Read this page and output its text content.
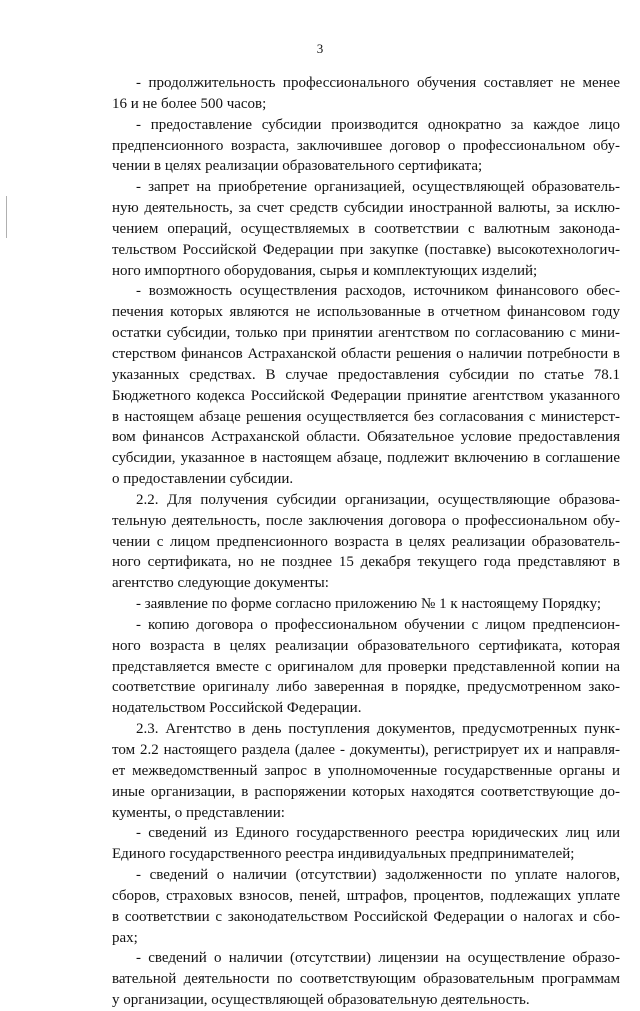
3
- продолжительность профессионального обучения составляет не менее
16 и не более 500 часов;
- предоставление субсидии производится однократно за каждое лицо
предпенсионного возраста, заключившее договор о профессиональном обу-
чении в целях реализации образовательного сертификата;
- запрет на приобретение организацией, осуществляющей образователь-
ную деятельность, за счет средств субсидии иностранной валюты, за исклю-
чением операций, осуществляемых в соответствии с валютным законода-
тельством Российской Федерации при закупке (поставке) высокотехнологич-
ного импортного оборудования, сырья и комплектующих изделий;
- возможность осуществления расходов, источником финансового обес-
печения которых являются не использованные в отчетном финансовом году
остатки субсидии, только при принятии агентством по согласованию с мини-
стерством финансов Астраханской области решения о наличии потребности в
указанных средствах. В случае предоставления субсидии по статье 78.1
Бюджетного кодекса Российской Федерации принятие агентством указанного
в настоящем абзаце решения осуществляется без согласования с министерст-
вом финансов Астраханской области. Обязательное условие предоставления
субсидии, указанное в настоящем абзаце, подлежит включению в соглашение
о предоставлении субсидии.
2.2. Для получения субсидии организации, осуществляющие образова-
тельную деятельность, после заключения договора о профессиональном обу-
чении с лицом предпенсионного возраста в целях реализации образователь-
ного сертификата, но не позднее 15 декабря текущего года представляют в
агентство следующие документы:
- заявление по форме согласно приложению № 1 к настоящему Порядку;
- копию договора о профессиональном обучении с лицом предпенсион-
ного возраста в целях реализации образовательного сертификата, которая
представляется вместе с оригиналом для проверки представленной копии на
соответствие оригиналу либо заверенная в порядке, предусмотренном зако-
нодательством Российской Федерации.
2.3. Агентство в день поступления документов, предусмотренных пунк-
том 2.2 настоящего раздела (далее - документы), регистрирует их и направля-
ет межведомственный запрос в уполномоченные государственные органы и
иные организации, в распоряжении которых находятся соответствующие до-
кументы, о представлении:
- сведений из Единого государственного реестра юридических лиц или
Единого государственного реестра индивидуальных предпринимателей;
- сведений о наличии (отсутствии) задолженности по уплате налогов,
сборов, страховых взносов, пеней, штрафов, процентов, подлежащих уплате
в соответствии с законодательством Российской Федерации о налогах и сбо-
рах;
- сведений о наличии (отсутствии) лицензии на осуществление образо-
вательной деятельности по соответствующим образовательным программам
у организации, осуществляющей образовательную деятельность.
